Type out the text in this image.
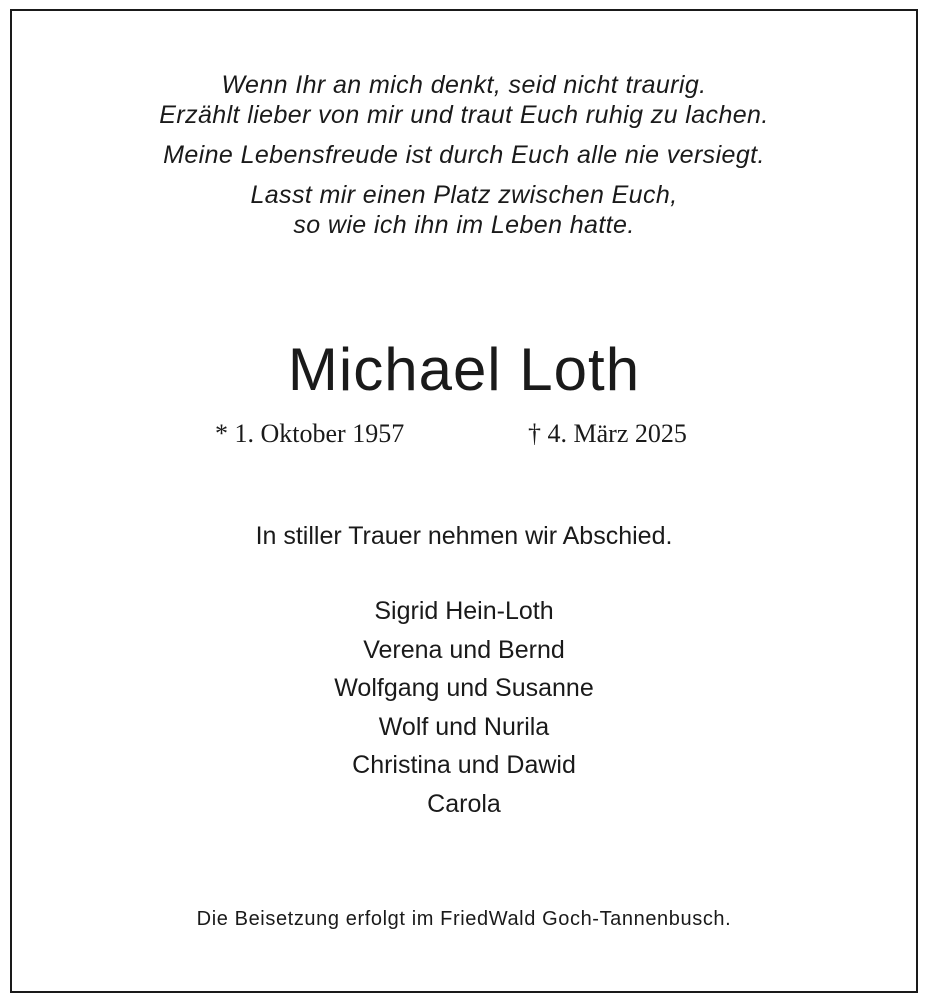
Wenn Ihr an mich denkt, seid nicht traurig.
Erzählt lieber von mir und traut Euch ruhig zu lachen.
Meine Lebensfreude ist durch Euch alle nie versiegt.
Lasst mir einen Platz zwischen Euch,
so wie ich ihn im Leben hatte.
Michael Loth
* 1. Oktober 1957	† 4. März 2025
In stiller Trauer nehmen wir Abschied.
Sigrid Hein-Loth
Verena und Bernd
Wolfgang und Susanne
Wolf und Nurila
Christina und Dawid
Carola
Die Beisetzung erfolgt im FriedWald Goch-Tannenbusch.
